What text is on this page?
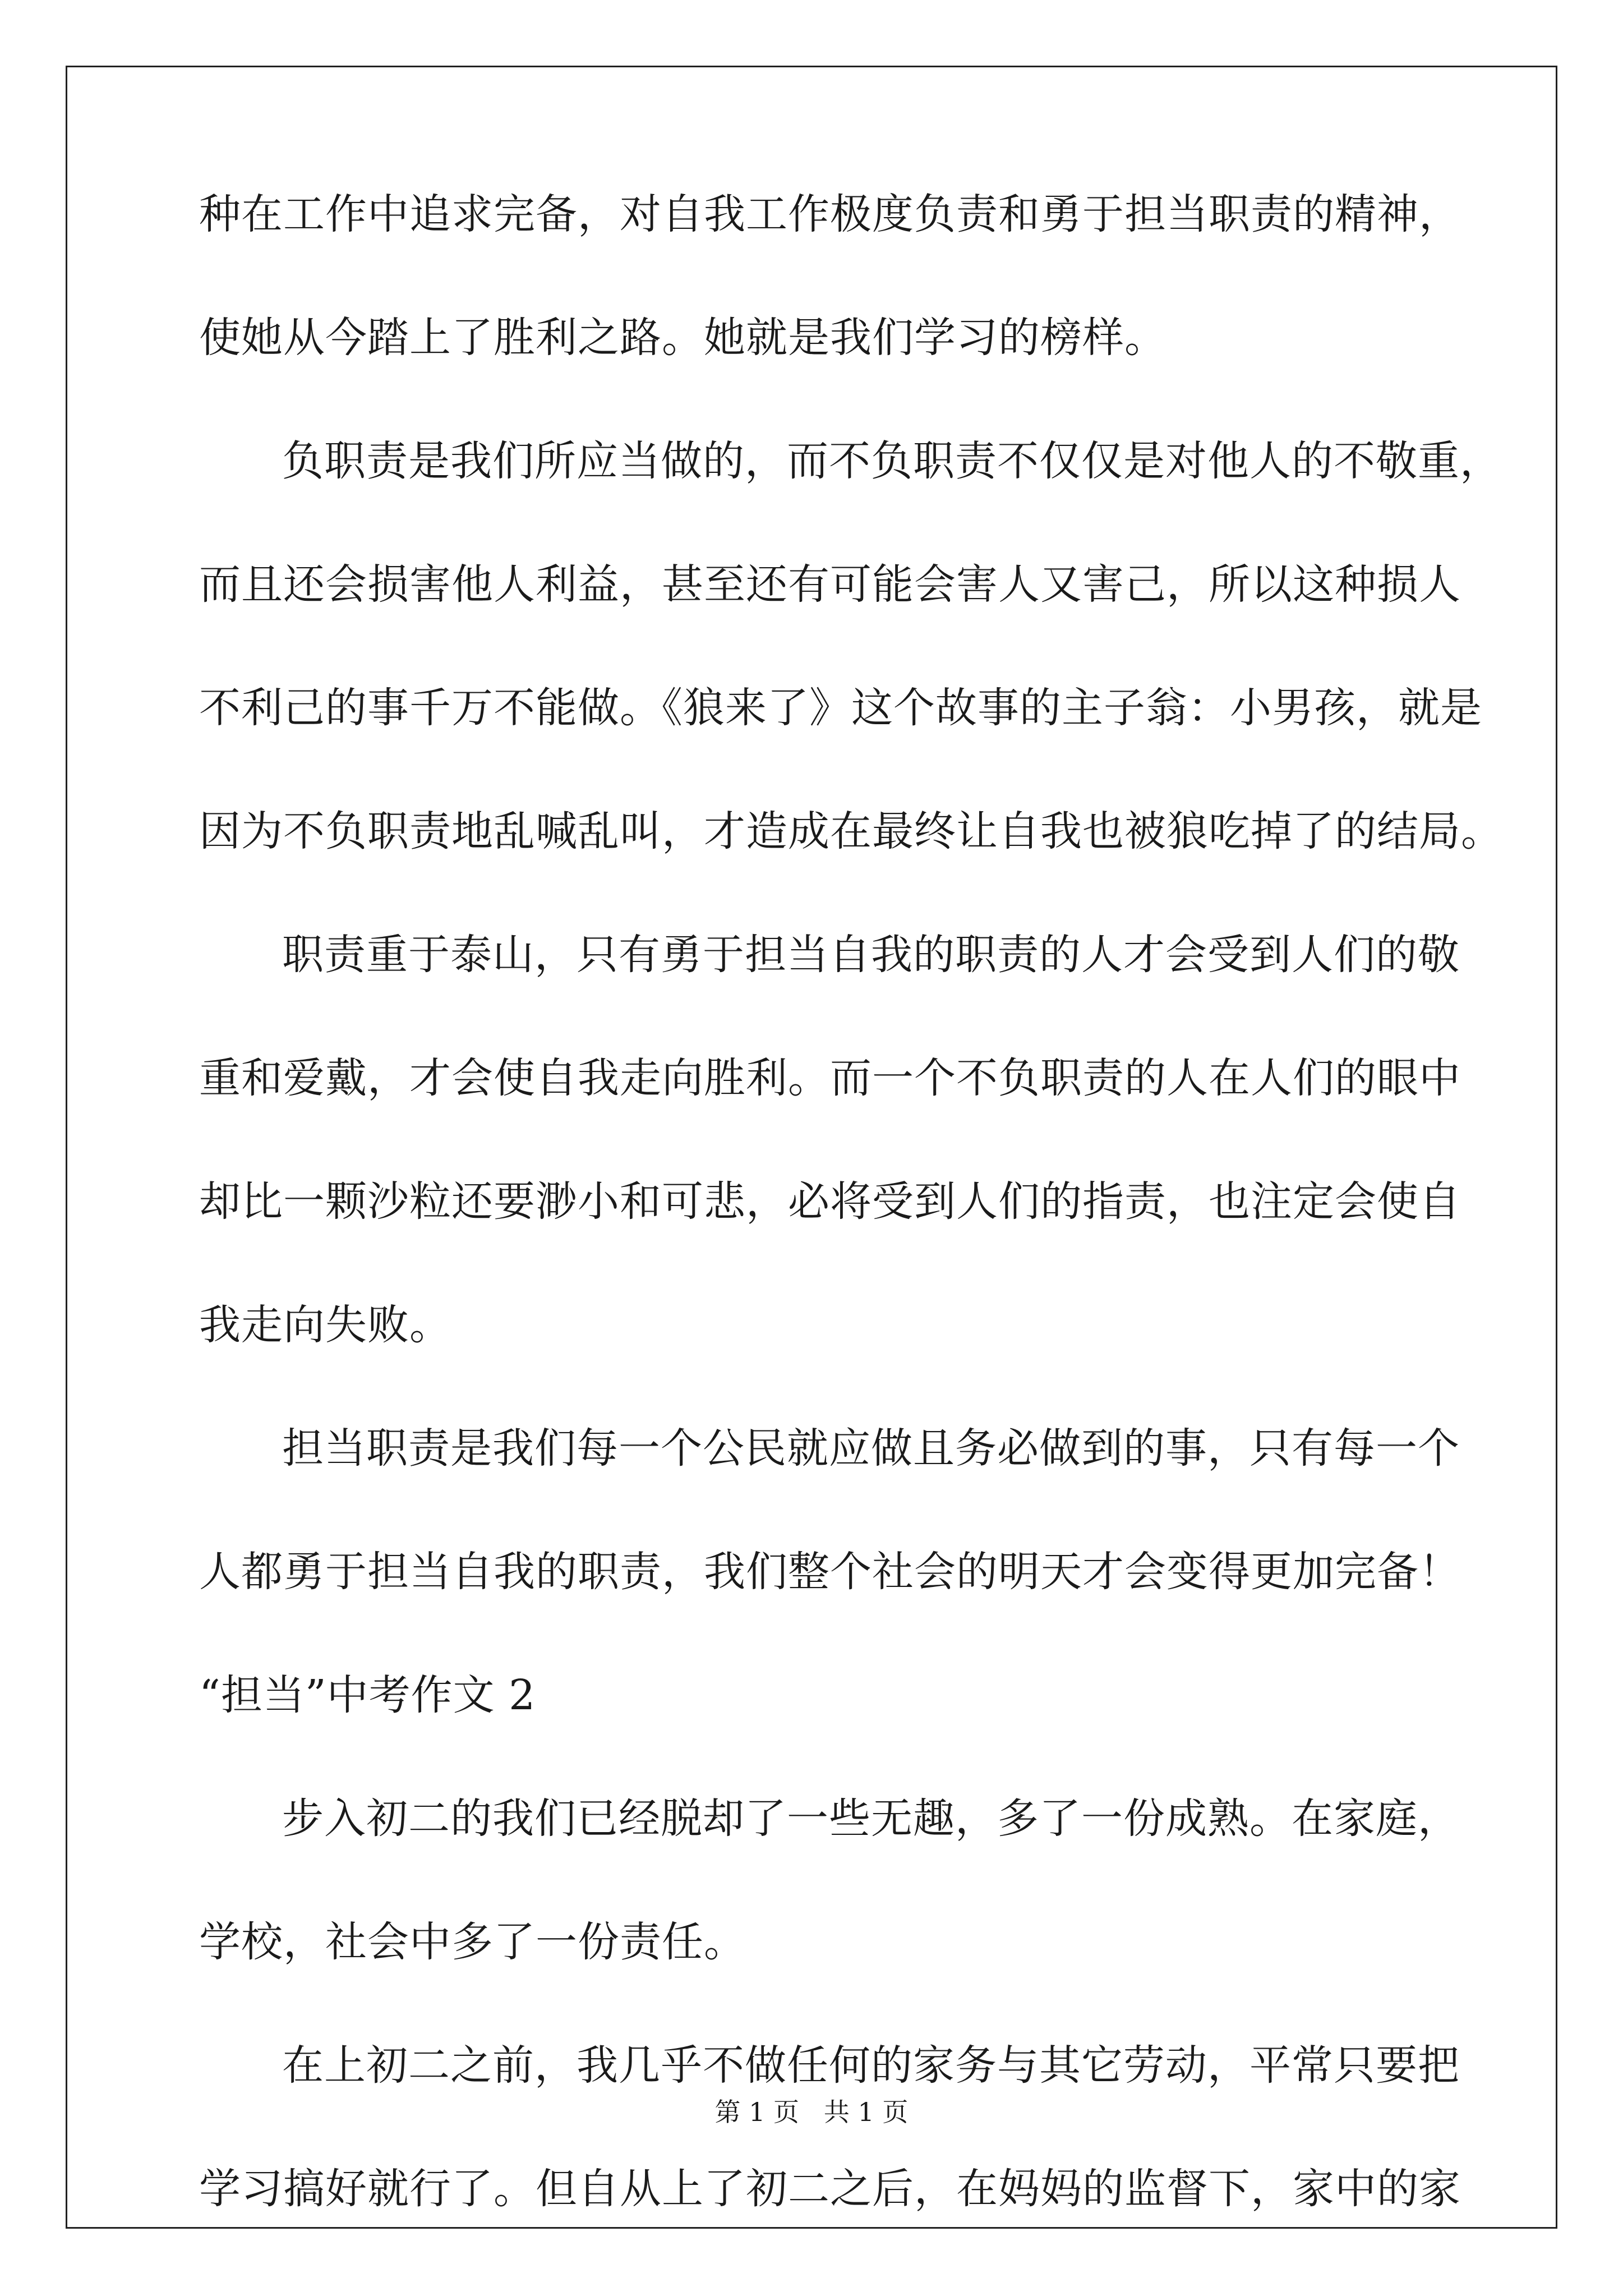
种在工作中追求完备，对自我工作极度负责和勇于担当职责的精神，
使她从今踏上了胜利之路。她就是我们学习的榜样。
负职责是我们所应当做的，而不负职责不仅仅是对他人的不敬重，
而且还会损害他人利益，甚至还有可能会害人又害己，所以这种损人
不利己的事千万不能做。《狼来了》这个故事的主子翁：小男孩，就是
因为不负职责地乱喊乱叫，才造成在最终让自我也被狼吃掉了的结局。
职责重于泰山，只有勇于担当自我的职责的人才会受到人们的敬
重和爱戴，才会使自我走向胜利。而一个不负职责的人在人们的眼中
却比一颗沙粒还要渺小和可悲，必将受到人们的指责，也注定会使自
我走向失败。
担当职责是我们每一个公民就应做且务必做到的事，只有每一个
人都勇于担当自我的职责，我们整个社会的明天才会变得更加完备！
“担当”中考作文 2
步入初二的我们已经脱却了一些无趣，多了一份成熟。在家庭，
学校，社会中多了一份责任。
在上初二之前，我几乎不做任何的家务与其它劳动，平常只要把
学习搞好就行了。但自从上了初二之后，在妈妈的监督下，家中的家
第 1 页   共 1 页
